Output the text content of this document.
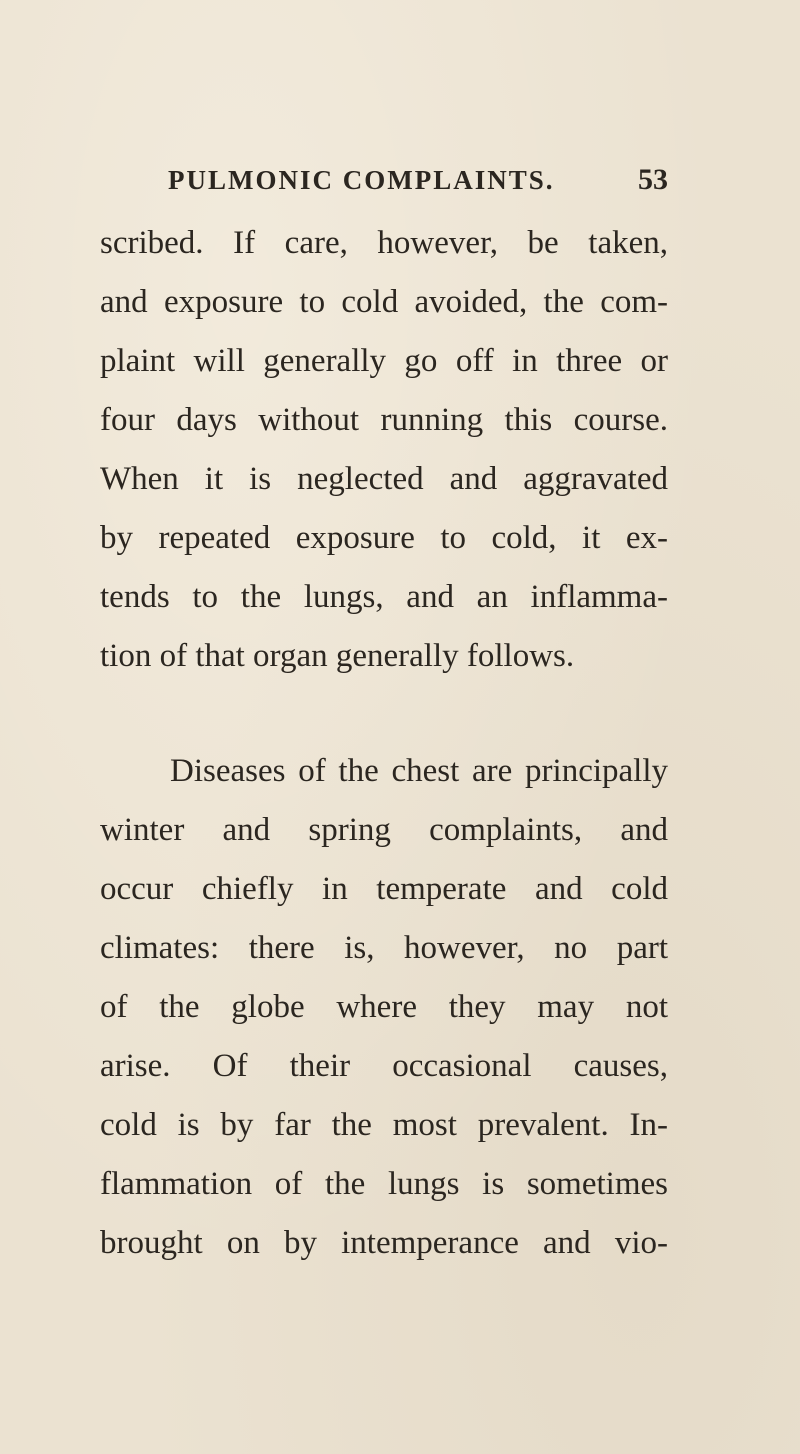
PULMONIC COMPLAINTS.	53
scribed. If care, however, be taken,
and exposure to cold avoided, the com-
plaint will generally go off in three or
four days without running this course.
When it is neglected and aggravated
by repeated exposure to cold, it ex-
tends to the lungs, and an inflamma-
tion of that organ generally follows.
Diseases of the chest are principally
winter and spring complaints, and
occur chiefly in temperate and cold
climates: there is, however, no part
of the globe where they may not
arise. Of their occasional causes,
cold is by far the most prevalent. In-
flammation of the lungs is sometimes
brought on by intemperance and vio-
